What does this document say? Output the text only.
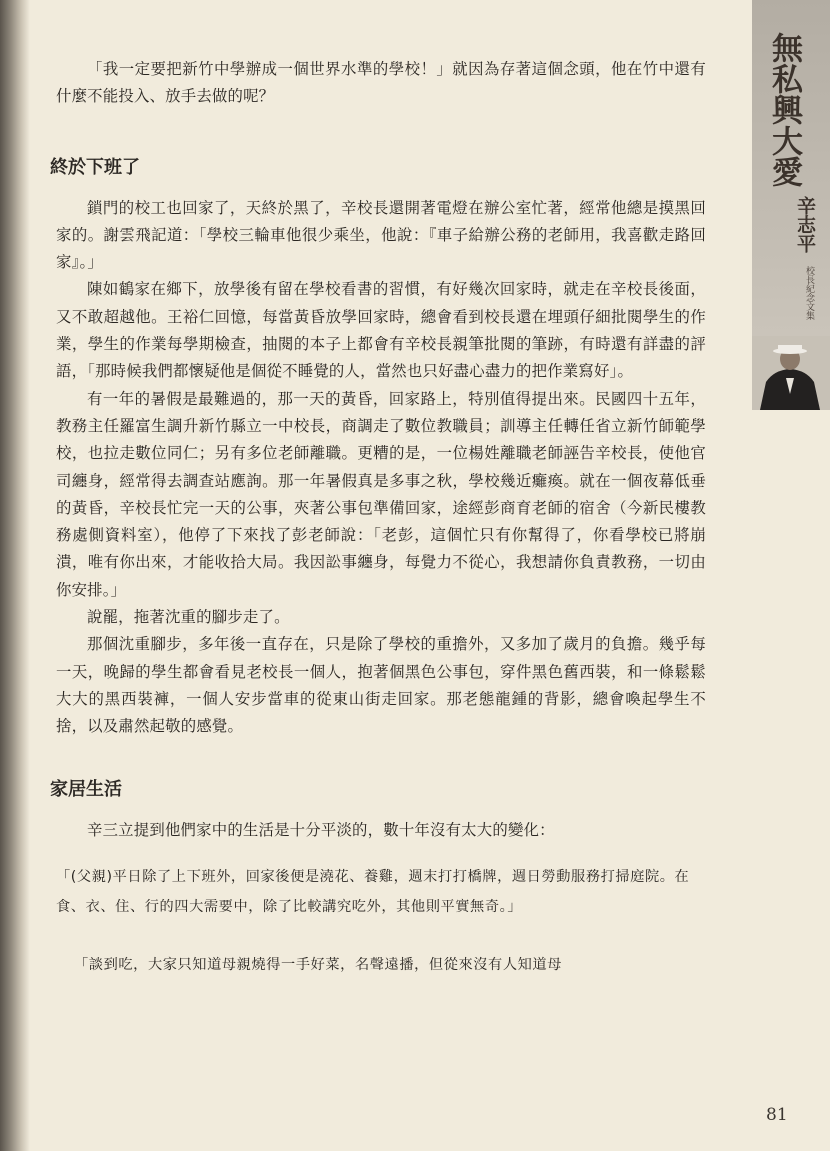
無私興大愛
辛志平
校長紀念文集

「我一定要把新竹中學辦成一個世界水準的學校！」就因為存著這個念頭，他在竹中還有什麼不能投入、放手去做的呢？

終於下班了

鎖門的校工也回家了，天終於黑了，辛校長還開著電燈在辦公室忙著，經常他總是摸黑回家的。謝雲飛記道：「學校三輪車他很少乘坐，他說：『車子給辦公務的老師用，我喜歡走路回家』。」

陳如鶴家在鄉下，放學後有留在學校看書的習慣，有好幾次回家時，就走在辛校長後面，又不敢超越他。王裕仁回憶，每當黃昏放學回家時，總會看到校長還在埋頭仔細批閱學生的作業，學生的作業每學期檢查，抽閱的本子上都會有辛校長親筆批閱的筆跡，有時還有詳盡的評語，「那時候我們都懷疑他是個從不睡覺的人，當然也只好盡心盡力的把作業寫好」。

有一年的暑假是最難過的，那一天的黃昏，回家路上，特別值得提出來。民國四十五年，教務主任羅富生調升新竹縣立一中校長，商調走了數位教職員；訓導主任轉任省立新竹師範學校，也拉走數位同仁；另有多位老師離職。更糟的是，一位楊姓離職老師誣告辛校長，使他官司纏身，經常得去調查站應詢。那一年暑假真是多事之秋，學校幾近癱瘓。就在一個夜幕低垂的黃昏，辛校長忙完一天的公事，夾著公事包準備回家，途經彭商育老師的宿舍（今新民樓教務處側資料室），他停了下來找了彭老師說：「老彭，這個忙只有你幫得了，你看學校已將崩潰，唯有你出來，才能收拾大局。我因訟事纏身，每覺力不從心，我想請你負責教務，一切由你安排。」

說罷，拖著沈重的腳步走了。

那個沈重腳步，多年後一直存在，只是除了學校的重擔外，又多加了歲月的負擔。幾乎每一天，晚歸的學生都會看見老校長一個人，抱著個黑色公事包，穿件黑色舊西裝，和一條鬆鬆大大的黑西裝褲，一個人安步當車的從東山街走回家。那老態龍鍾的背影，總會喚起學生不捨，以及肅然起敬的感覺。

家居生活

辛三立提到他們家中的生活是十分平淡的，數十年沒有太大的變化：

「(父親)平日除了上下班外，回家後便是澆花、養雞，週末打打橋牌，週日勞動服務打掃庭院。在食、衣、住、行的四大需要中，除了比較講究吃外，其他則平實無奇。」

「談到吃，大家只知道母親燒得一手好菜，名聲遠播，但從來沒有人知道母

81
